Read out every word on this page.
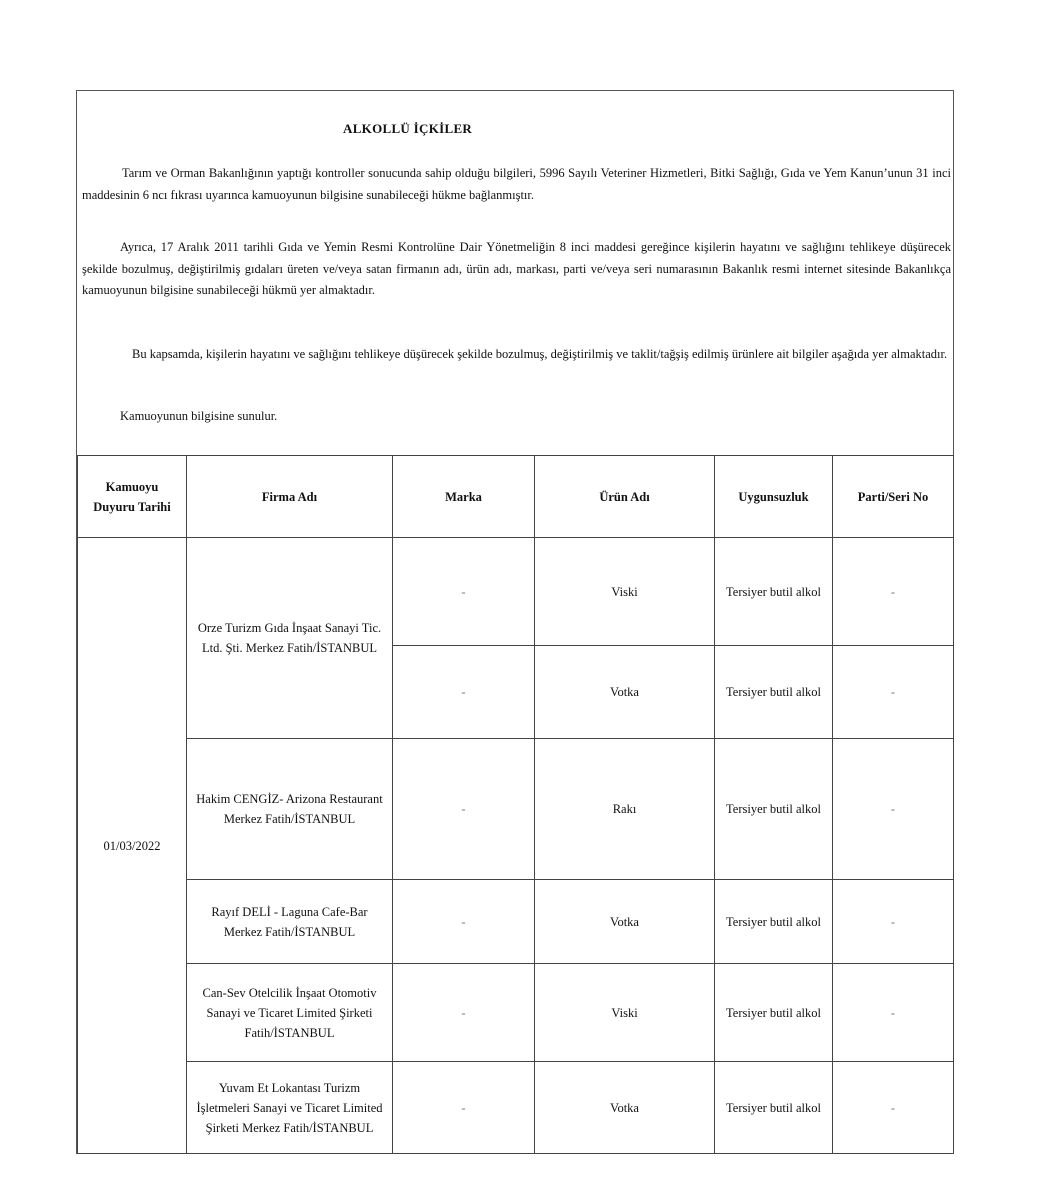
ALKOLLÜ İÇKİLER

Tarım ve Orman Bakanlığının yaptığı kontroller sonucunda sahip olduğu bilgileri, 5996 Sayılı Veteriner Hizmetleri, Bitki Sağlığı, Gıda ve Yem Kanun’unun 31 inci maddesinin 6 ncı fıkrası uyarınca kamuoyunun bilgisine sunabileceği hükme bağlanmıştır.

Ayrıca, 17 Aralık 2011 tarihli Gıda ve Yemin Resmi Kontrolüne Dair Yönetmeliğin 8 inci maddesi gereğince kişilerin hayatını ve sağlığını tehlikeye düşürecek şekilde bozulmuş, değiştirilmiş gıdaları üreten ve/veya satan firmanın adı, ürün adı, markası, parti ve/veya seri numarasının Bakanlık resmi internet sitesinde Bakanlıkça kamuoyunun bilgisine sunabileceği hükmü yer almaktadır.

Bu kapsamda, kişilerin hayatını ve sağlığını tehlikeye düşürecek şekilde bozulmuş, değiştirilmiş ve taklit/tağşiş edilmiş ürünlere ait bilgiler aşağıda yer almaktadır.

Kamuoyunun bilgisine sunulur.

Kamuoyu Duyuru Tarihi	Firma Adı	Marka	Ürün Adı	Uygunsuzluk	Parti/Seri No
01/03/2022	Orze Turizm Gıda İnşaat Sanayi Tic. Ltd. Şti. Merkez Fatih/İSTANBUL	-	Viski	Tersiyer butil alkol	-
		-	Votka	Tersiyer butil alkol	-
	Hakim CENGİZ- Arizona Restaurant Merkez Fatih/İSTANBUL	-	Rakı	Tersiyer butil alkol	-
	Rayıf DELİ - Laguna Cafe-Bar Merkez Fatih/İSTANBUL	-	Votka	Tersiyer butil alkol	-
	Can-Sev Otelcilik İnşaat Otomotiv Sanayi ve Ticaret Limited Şirketi Fatih/İSTANBUL	-	Viski	Tersiyer butil alkol	-
	Yuvam Et Lokantası Turizm İşletmeleri Sanayi ve Ticaret Limited Şirketi Merkez Fatih/İSTANBUL	-	Votka	Tersiyer butil alkol	-
